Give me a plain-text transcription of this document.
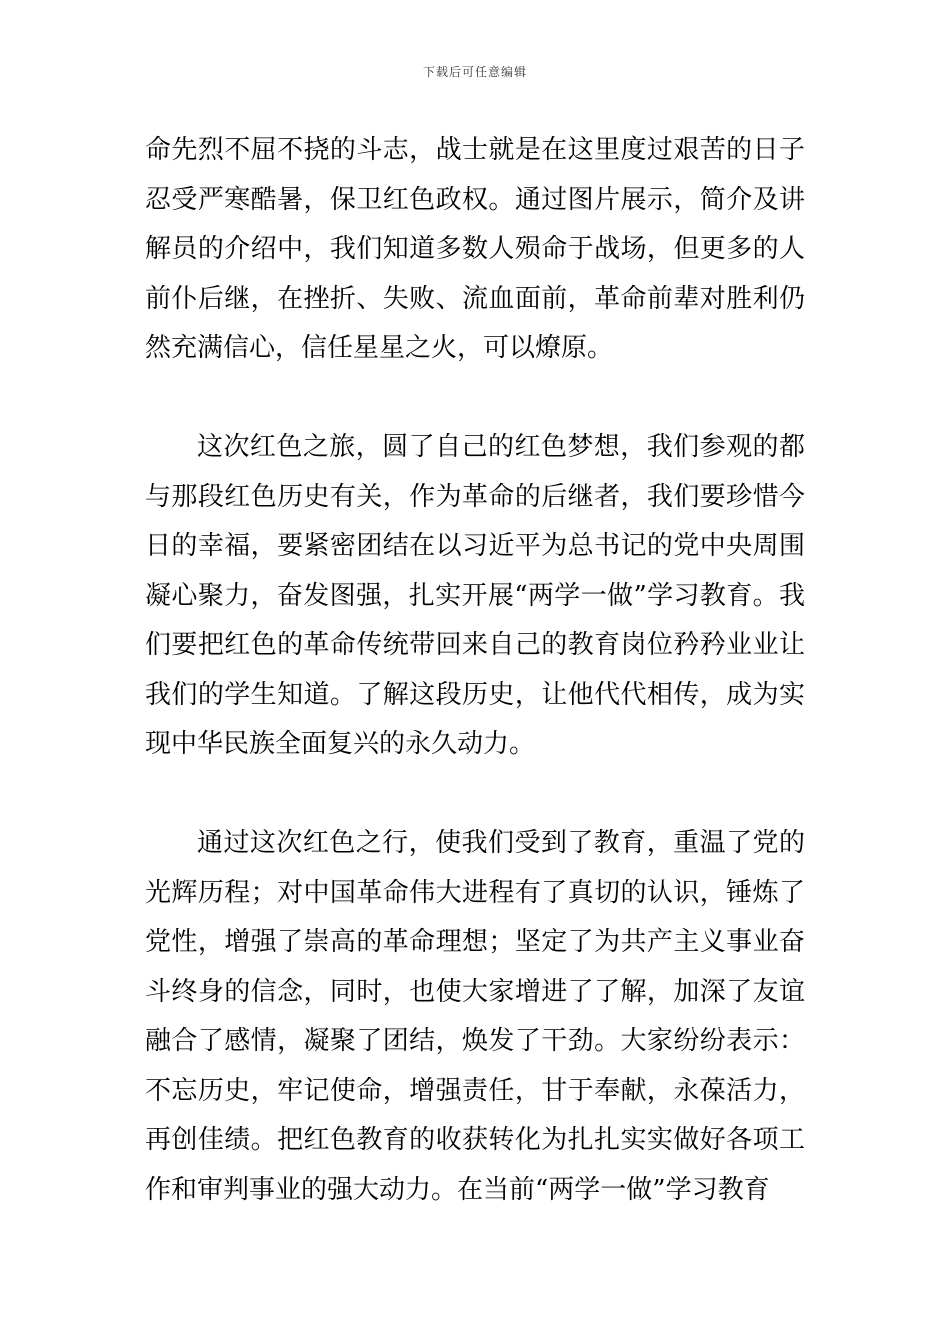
下载后可任意编辑

命先烈不屈不挠的斗志，战士就是在这里度过艰苦的日子忍受严寒酷暑，保卫红色政权。通过图片展示，简介及讲解员的介绍中，我们知道多数人殒命于战场，但更多的人前仆后继，在挫折、失败、流血面前，革命前辈对胜利仍然充满信心，信任星星之火，可以燎原。

这次红色之旅，圆了自己的红色梦想，我们参观的都与那段红色历史有关，作为革命的后继者，我们要珍惜今日的幸福，要紧密团结在以习近平为总书记的党中央周围凝心聚力，奋发图强，扎实开展“两学一做”学习教育。我们要把红色的革命传统带回来自己的教育岗位矜矜业业让我们的学生知道。了解这段历史，让他代代相传，成为实现中华民族全面复兴的永久动力。

通过这次红色之行，使我们受到了教育，重温了党的光辉历程；对中国革命伟大进程有了真切的认识，锤炼了党性，增强了崇高的革命理想；坚定了为共产主义事业奋斗终身的信念，同时，也使大家增进了了解，加深了友谊融合了感情，凝聚了团结，焕发了干劲。大家纷纷表示：不忘历史，牢记使命，增强责任，甘于奉献，永葆活力，再创佳绩。把红色教育的收获转化为扎扎实实做好各项工作和审判事业的强大动力。在当前“两学一做”学习教育
